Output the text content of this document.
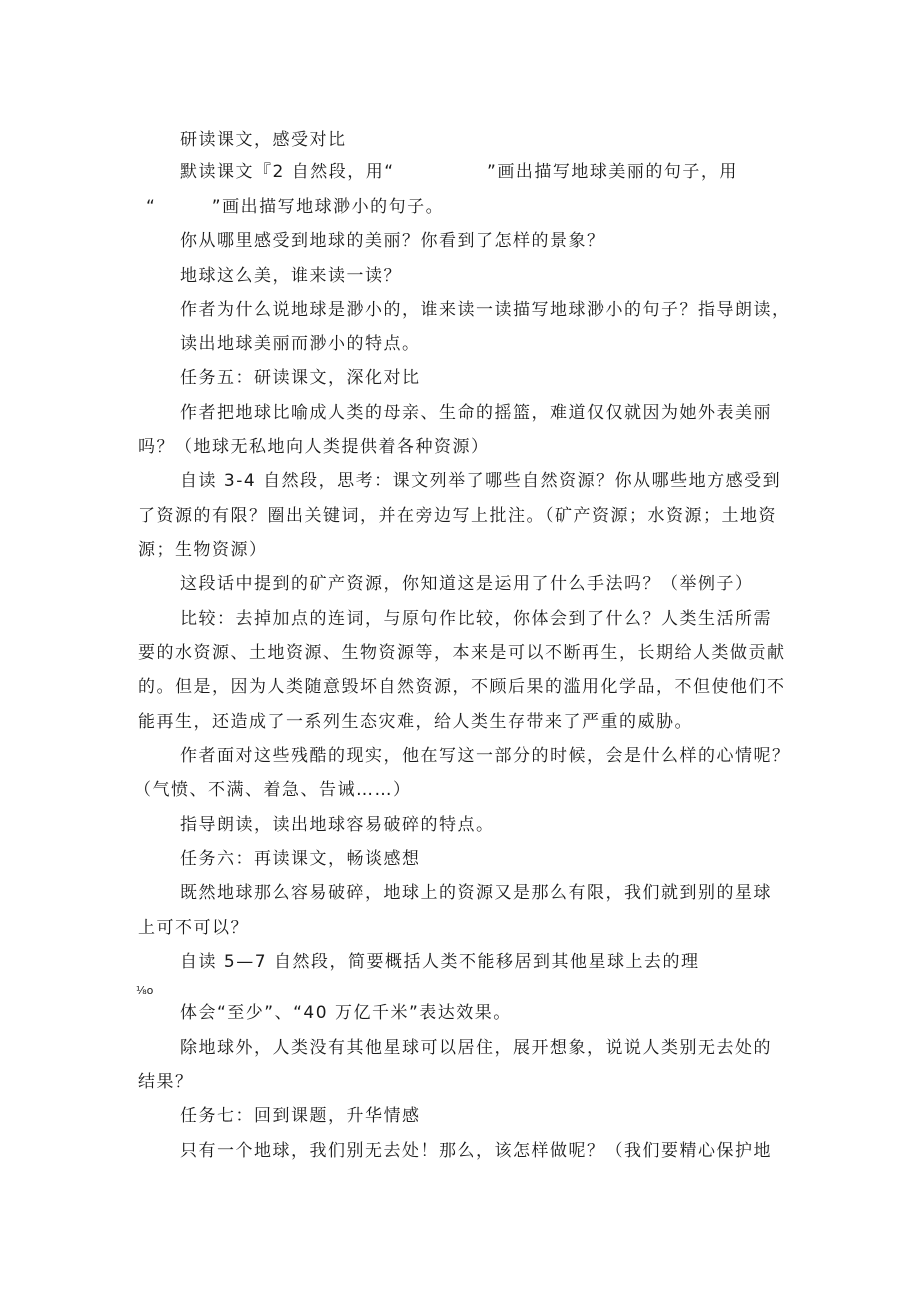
研读课文，感受对比

默读课文『2 自然段，用“　　　　　”画出描写地球美丽的句子，用

“　　　”画出描写地球渺小的句子。

你从哪里感受到地球的美丽？你看到了怎样的景象？

地球这么美，谁来读一读？

作者为什么说地球是渺小的，谁来读一读描写地球渺小的句子？指导朗读，

读出地球美丽而渺小的特点。

任务五：研读课文，深化对比

作者把地球比喻成人类的母亲、生命的摇篮，难道仅仅就因为她外表美丽

吗？（地球无私地向人类提供着各种资源）

自读 3-4 自然段，思考：课文列举了哪些自然资源？你从哪些地方感受到

了资源的有限？圈出关键词，并在旁边写上批注。（矿产资源；水资源；土地资

源；生物资源）

这段话中提到的矿产资源，你知道这是运用了什么手法吗？（举例子）

比较：去掉加点的连词，与原句作比较，你体会到了什么？人类生活所需

要的水资源、土地资源、生物资源等，本来是可以不断再生，长期给人类做贡献

的。但是，因为人类随意毁坏自然资源，不顾后果的滥用化学品，不但使他们不

能再生，还造成了一系列生态灾难，给人类生存带来了严重的威胁。

作者面对这些残酷的现实，他在写这一部分的时候，会是什么样的心情呢？

（气愤、不满、着急、告诫……）

指导朗读，读出地球容易破碎的特点。

任务六：再读课文，畅谈感想

既然地球那么容易破碎，地球上的资源又是那么有限，我们就到别的星球

上可不可以？

自读 5—7 自然段，简要概括人类不能移居到其他星球上去的理

⅛o

体会“至少”、“40 万亿千米”表达效果。

除地球外，人类没有其他星球可以居住，展开想象，说说人类别无去处的

结果？

任务七：回到课题，升华情感

只有一个地球，我们别无去处！那么，该怎样做呢？（我们要精心保护地
